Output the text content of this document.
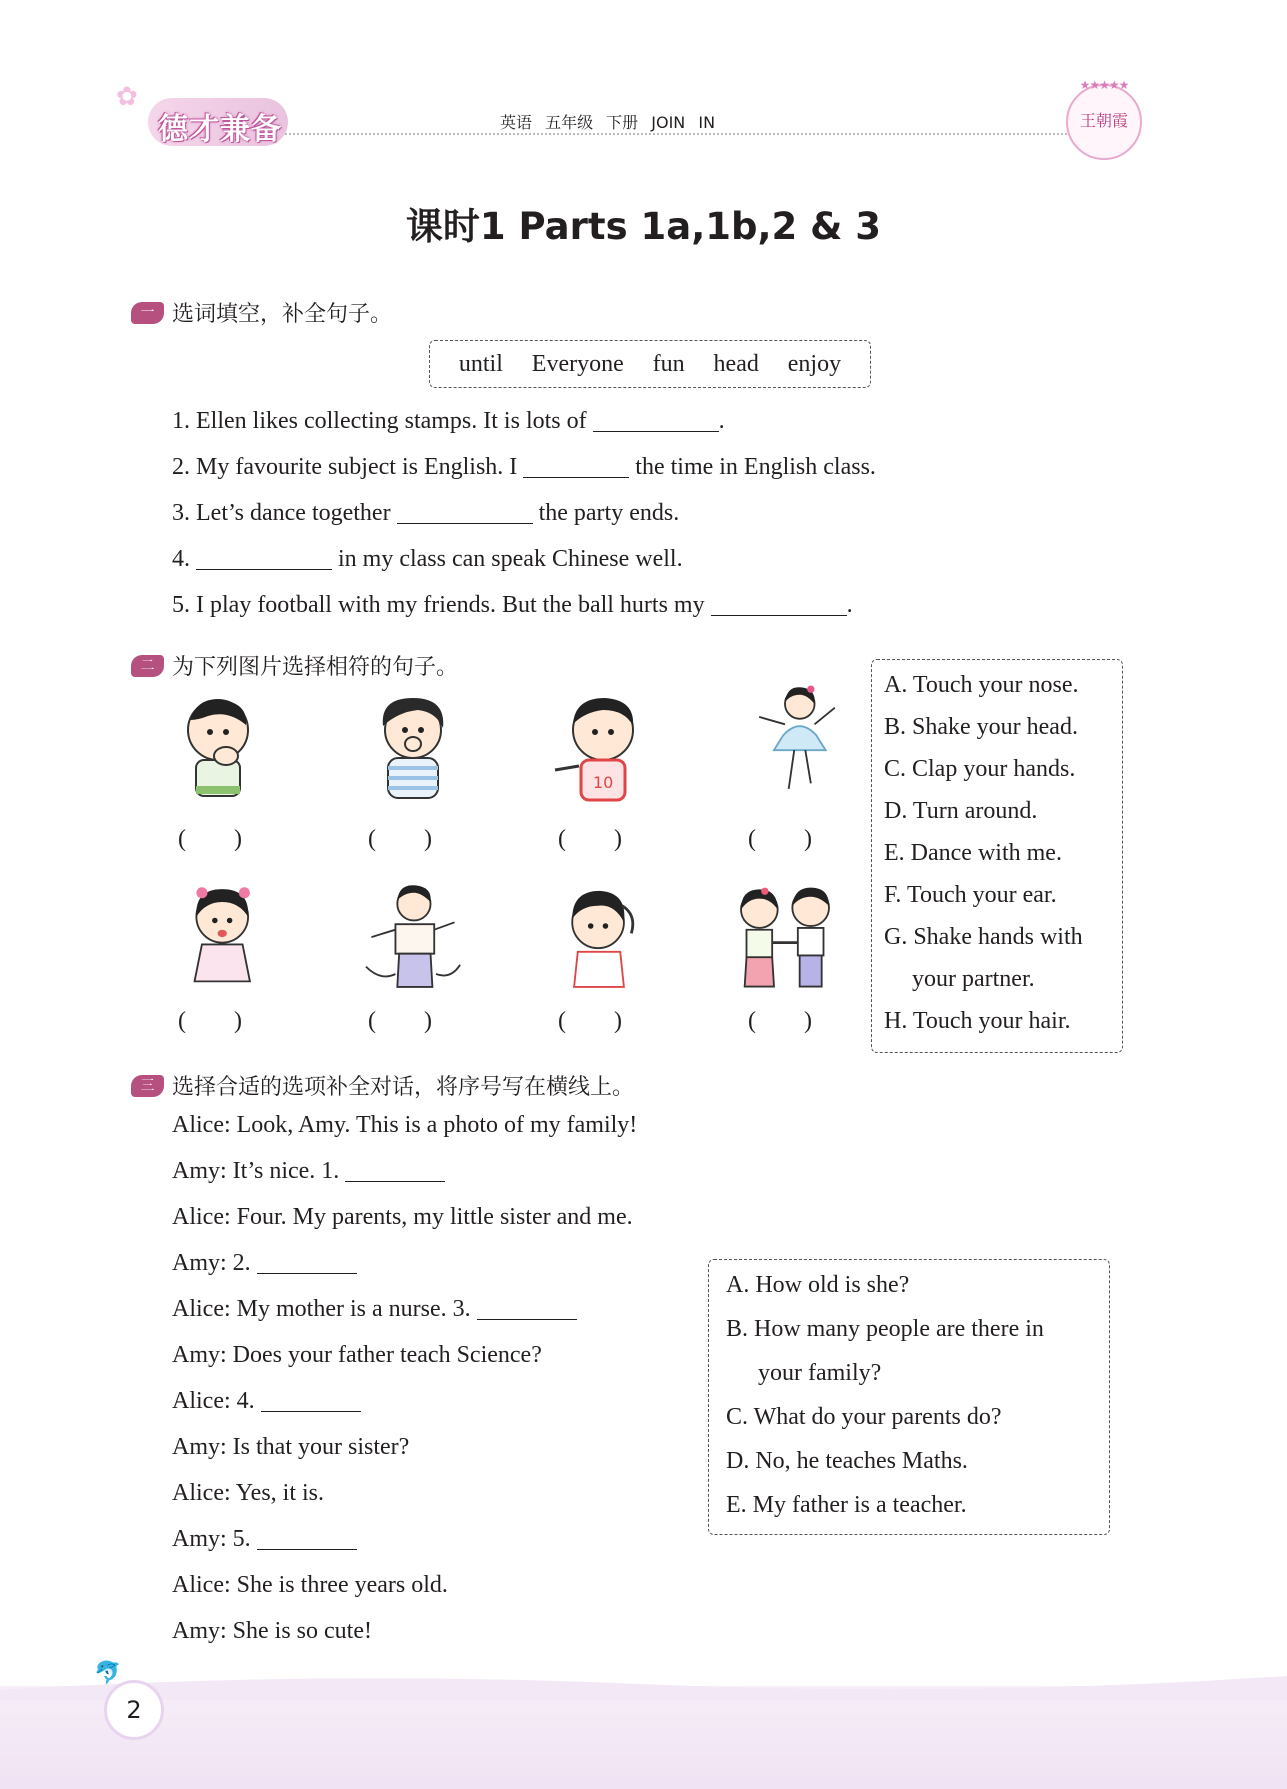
✿
德才兼备	英语 五年级 下册 JOIN IN
★★★★★
王朝霞
课时1 Parts 1a,1b,2 & 3
一 选词填空，补全句子。
until Everyone fun head enjoy
1. Ellen likes collecting stamps. It is lots of	.
2. My favourite subject is English. I	the time in English class.
3. Let’s dance together	the party ends.
4.	in my class can speak Chinese well.
5. I play football with my friends. But the ball hurts my	.
二 为下列图片选择相符的句子。
10
(        )	(        )	(        )	(        )
(        )	(        )	(        )	(        )
A. Touch your nose.
B. Shake your head.
C. Clap your hands.
D. Turn around.
E. Dance with me.
F. Touch your ear.
G. Shake hands with
your partner.
H. Touch your hair.
三 选择合适的选项补全对话，将序号写在横线上。
Alice: Look, Amy. This is a photo of my family!
Amy: It’s nice. 1.
Alice: Four. My parents, my little sister and me.
Amy: 2.
Alice: My mother is a nurse. 3.
Amy: Does your father teach Science?
Alice: 4.
Amy: Is that your sister?
Alice: Yes, it is.
Amy: 5.
Alice: She is three years old.
Amy: She is so cute!
A. How old is she?
B. How many people are there in
your family?
C. What do your parents do?
D. No, he teaches Maths.
E. My father is a teacher.
🐬
2
